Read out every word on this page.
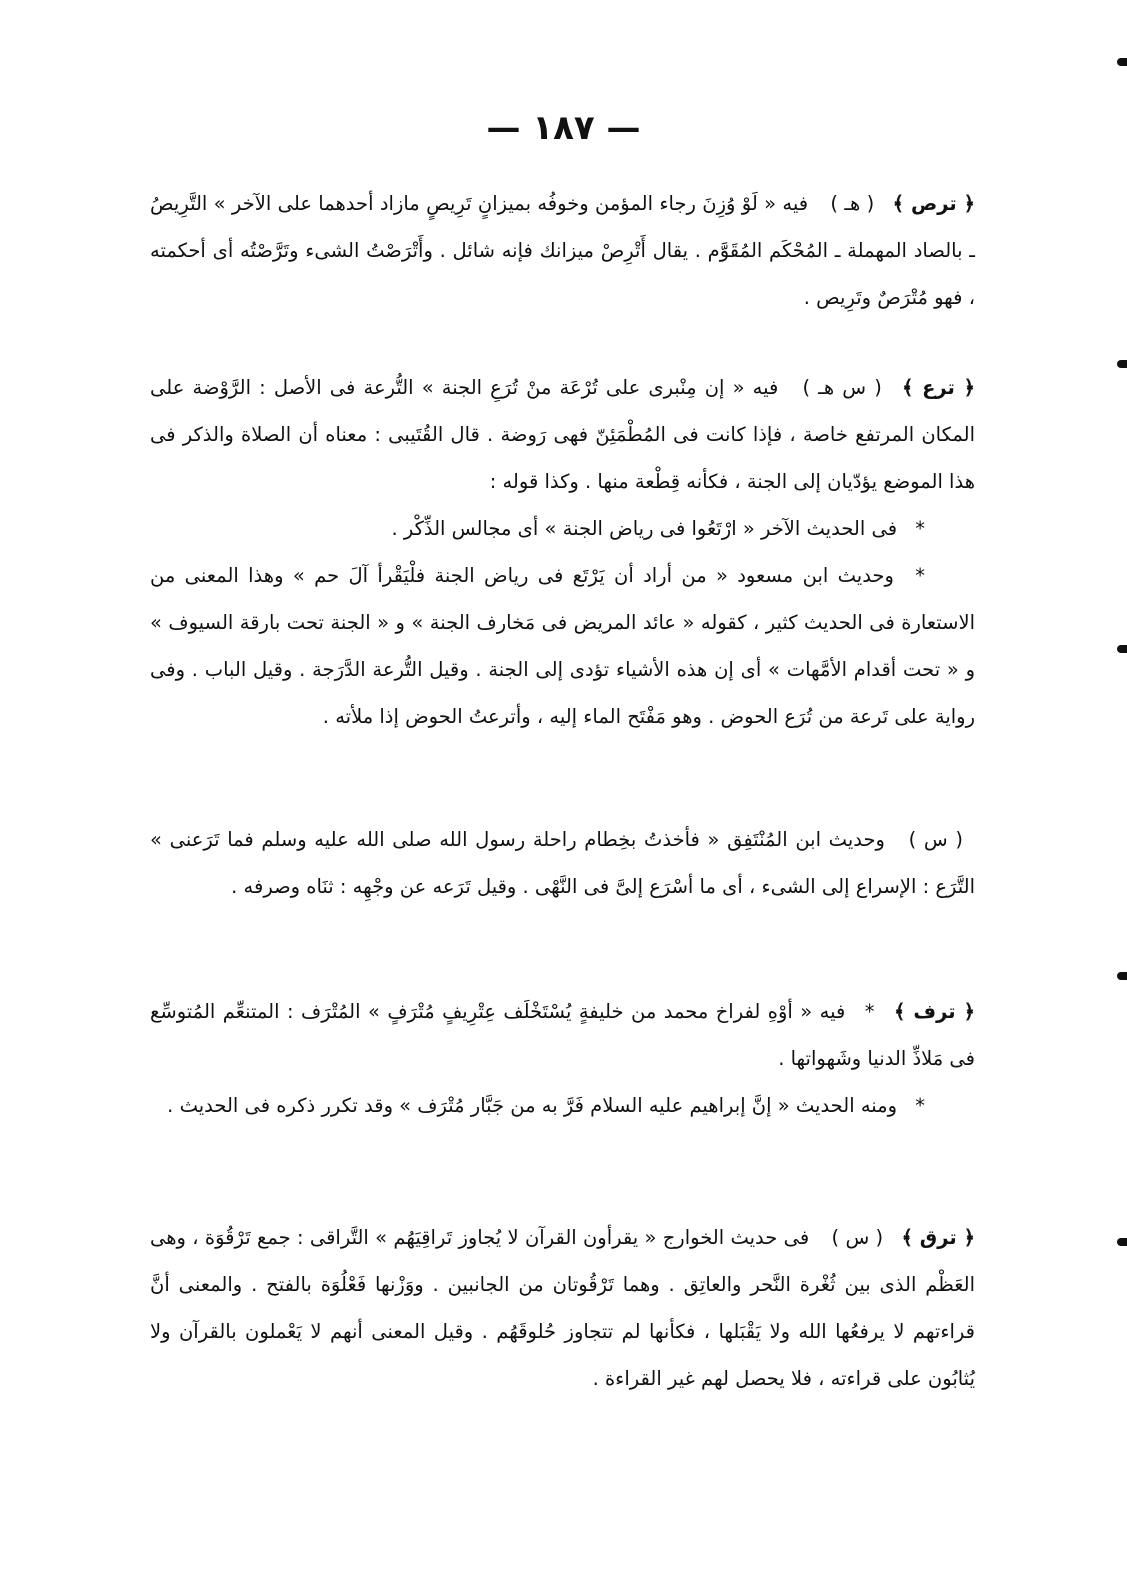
— ١٨٧ —

﴿ ترص ﴾ ( هـ ) فيه « لَوْ وُزِنَ رجاء المؤمن وخوفُه بميزانٍ تَرِيصٍ مازاد أحدهما على الآخر » التَّرِيصُ ـ بالصاد المهملة ـ المُحْكَم المُقَوَّم . يقال أَتْرِصْ ميزانك فإنه شائل . وأَتْرَصْتُ الشىء وتَرَّصْتُه أى أحكمته ، فهو مُتْرَصٌ وتَرِيص .

﴿ ترع ﴾ ( س هـ ) فيه « إن مِنْبرى على تُرْعَة منْ تُرَعِ الجنة » التُّرعة فى الأصل : الرَّوْضة على المكان المرتفع خاصة ، فإذا كانت فى المُطْمَئِنّ فهى رَوضة . قال القُتَيبى : معناه أن الصلاة والذكر فى هذا الموضع يؤدّيان إلى الجنة ، فكأنه قِطْعة منها . وكذا قوله :

* فى الحديث الآخر « ارْتَعُوا فى رياض الجنة » أى مجالس الذِّكْر .

* وحديث ابن مسعود « من أراد أن يَرْتَع فى رياض الجنة فلْيَقْرأ آلَ حم » وهذا المعنى من الاستعارة فى الحديث كثير ، كقوله « عائد المريض فى مَخارف الجنة » و « الجنة تحت بارقة السيوف » و « تحت أقدام الأمَّهات » أى إن هذه الأشياء تؤدى إلى الجنة . وقيل التُّرعة الدَّرَجة . وقيل الباب . وفى رواية على تَرعة من تُرَع الحوض . وهو مَفْتَح الماء إليه ، وأترعتُ الحوض إذا ملأته .

( س ) وحديث ابن المُنْتَفِق « فأخذتُ بخِطام راحلة رسول الله صلى الله عليه وسلم فما تَرَعنى » التَّرَع : الإسراع إلى الشىء ، أى ما أسْرَع إلىَّ فى النَّهْى . وقيل تَرَعه عن وجْهِه : ثنَاه وصرفه .

﴿ ترف ﴾ * فيه « أوْهِ لفراخ محمد من خليفةٍ يُسْتَخْلَف عِتْرِيفٍ مُتْرَفٍ » المُتْرَف : المتنعِّم المُتوسِّع فى مَلاذِّ الدنيا وشَهواتها .

* ومنه الحديث « إنَّ إبراهيم عليه السلام فَرَّ به من جَبَّار مُتْرَف » وقد تكرر ذكره فى الحديث .

﴿ ترق ﴾ ( س ) فى حديث الخوارج « يقرأون القرآن لا يُجاوز تَراقِيَهُم » التَّراقى : جمع تَرْقُوَة ، وهى العَظْم الذى بين ثُغْرة النَّحر والعاتِق . وهما تَرْقُوتان من الجانبين . ووَزْنها فَعْلُوَة بالفتح . والمعنى أنَّ قراءتهم لا يرفعُها الله ولا يَقْبَلها ، فكأنها لم تتجاوز حُلوقَهُم . وقيل المعنى أنهم لا يَعْملون بالقرآن ولا يُثابُون على قراءته ، فلا يحصل لهم غير القراءة .
